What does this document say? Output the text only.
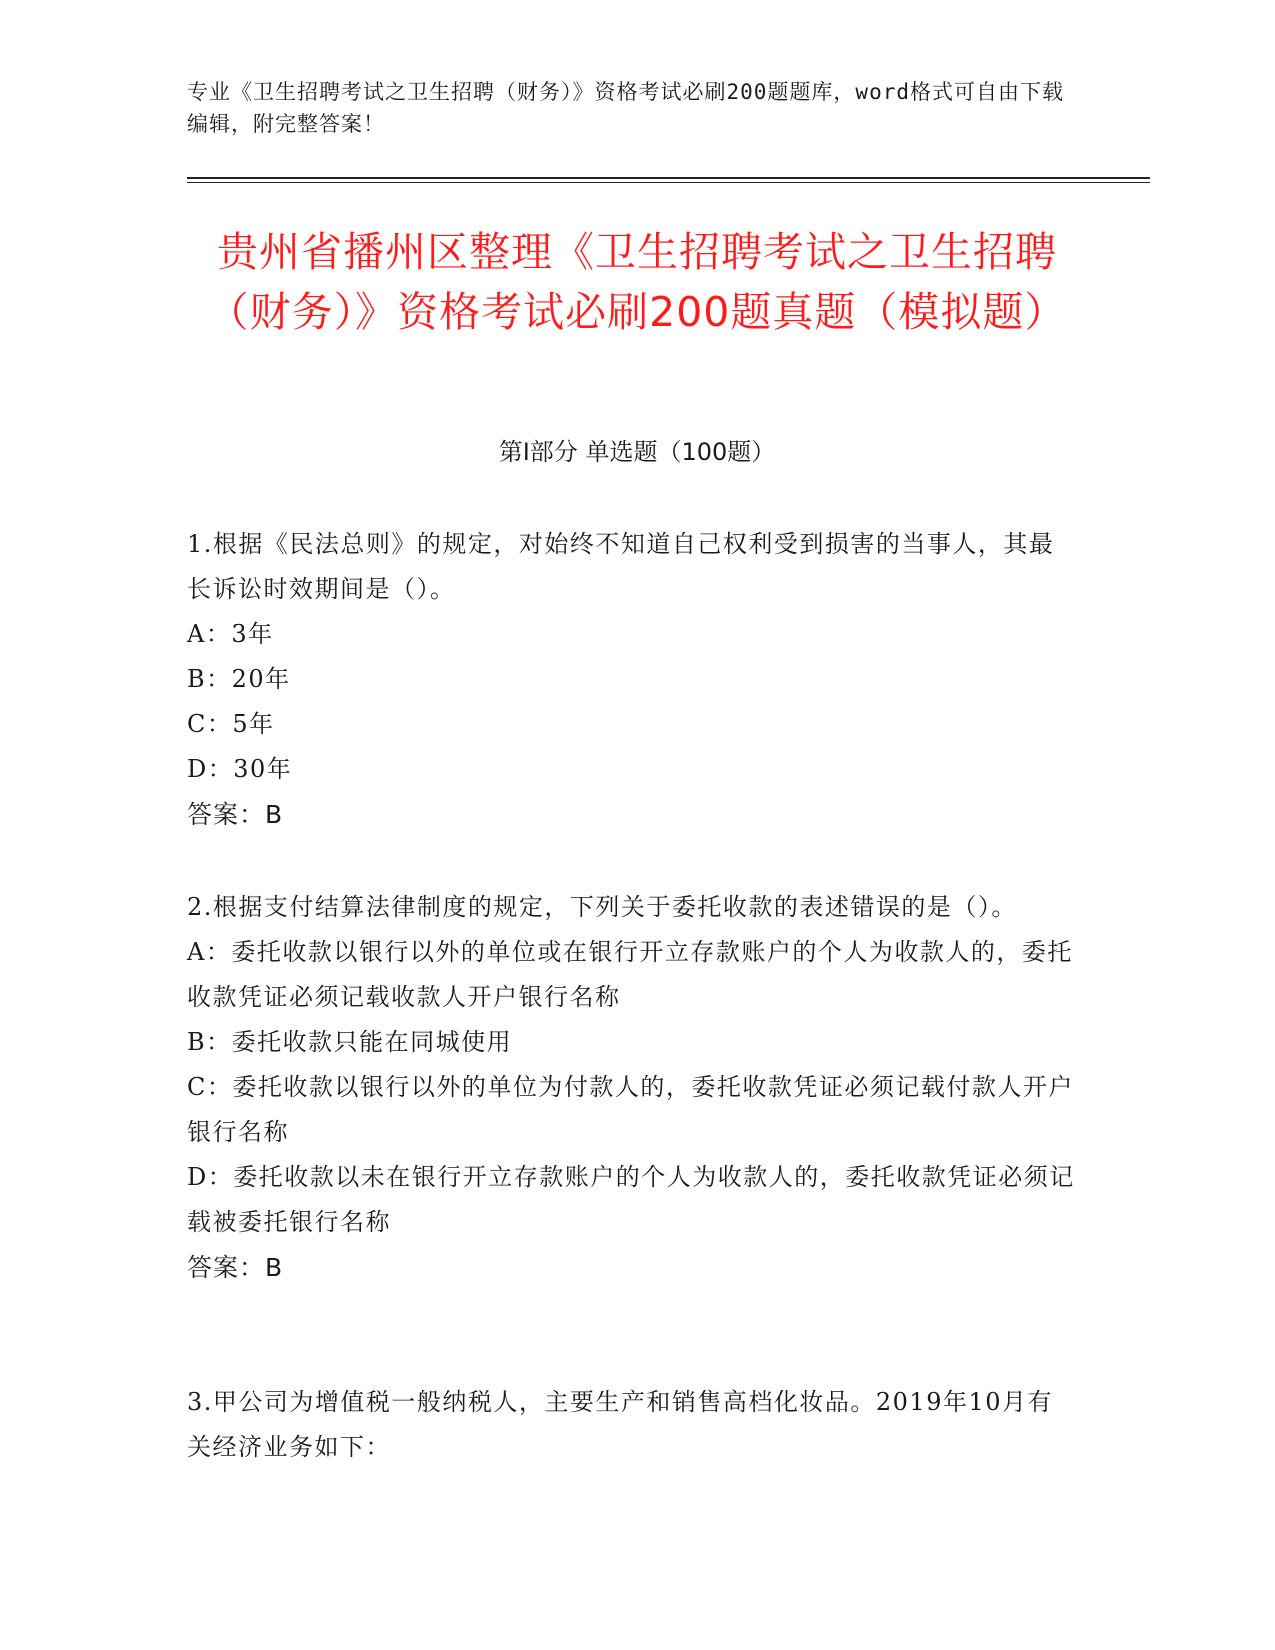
专业《卫生招聘考试之卫生招聘（财务）》资格考试必刷200题题库，word格式可自由下载编辑，附完整答案！
贵州省播州区整理《卫生招聘考试之卫生招聘（财务）》资格考试必刷200题真题（模拟题）
第Ⅰ部分 单选题（100题）
1.根据《民法总则》的规定，对始终不知道自己权利受到损害的当事人，其最长诉讼时效期间是（）。
A：3年
B：20年
C：5年
D：30年
答案：B
2.根据支付结算法律制度的规定，下列关于委托收款的表述错误的是（）。
A：委托收款以银行以外的单位或在银行开立存款账户的个人为收款人的，委托收款凭证必须记载收款人开户银行名称
B：委托收款只能在同城使用
C：委托收款以银行以外的单位为付款人的，委托收款凭证必须记载付款人开户银行名称
D：委托收款以未在银行开立存款账户的个人为收款人的，委托收款凭证必须记载被委托银行名称
答案：B
3.甲公司为增值税一般纳税人，主要生产和销售高档化妆品。2019年10月有关经济业务如下：
